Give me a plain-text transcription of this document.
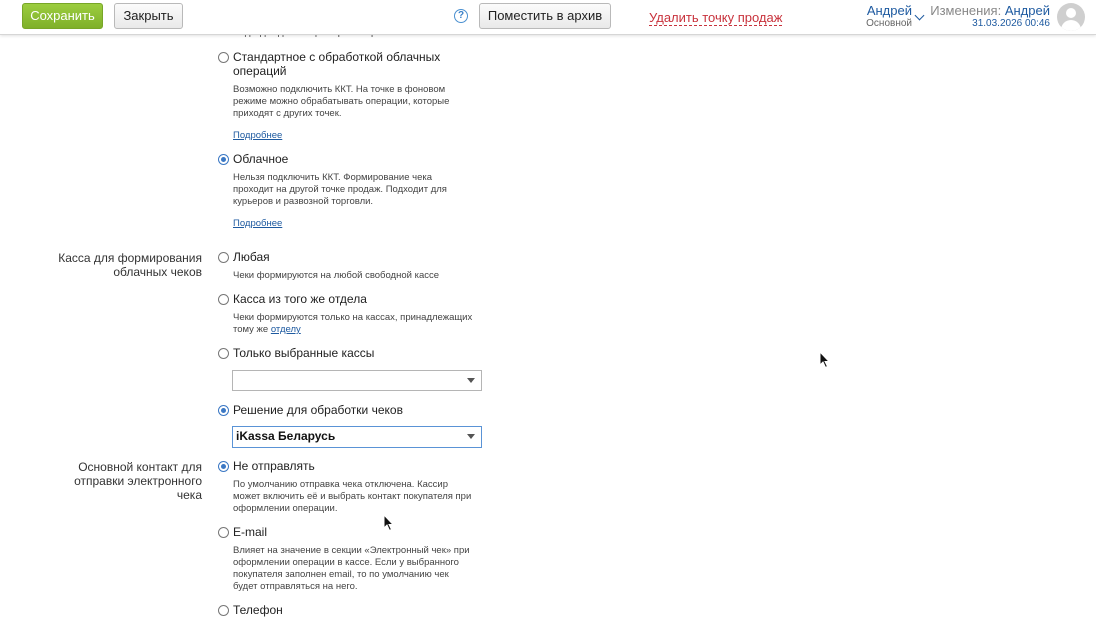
Сохранить	Закрыть	?	Поместить в архив	Удалить точку продаж	Андрей
Основной
Изменения: Андрей
31.03.2026 00:46
Стандартное с обработкой облачных операций
Возможно подключить ККТ. На точке в фоновом режиме можно обрабатывать операции, которые приходят с других точек.
Подробнее
Облачное
Нельзя подключить ККТ. Формирование чека проходит на другой точке продаж. Подходит для курьеров и развозной торговли.
Подробнее
Касса для формирования облачных чеков
Любая
Чеки формируются на любой свободной кассе
Касса из того же отдела
Чеки формируются только на кассах, принадлежащих тому же отделу
Только выбранные кассы
Решение для обработки чеков
iKassa Беларусь
Основной контакт для отправки электронного чека
Не отправлять
По умолчанию отправка чека отключена. Кассир может включить её и выбрать контакт покупателя при оформлении операции.
E-mail
Влияет на значение в секции «Электронный чек» при оформлении операции в кассе. Если у выбранного покупателя заполнен email, то по умолчанию чек будет отправляться на него.
Телефон
